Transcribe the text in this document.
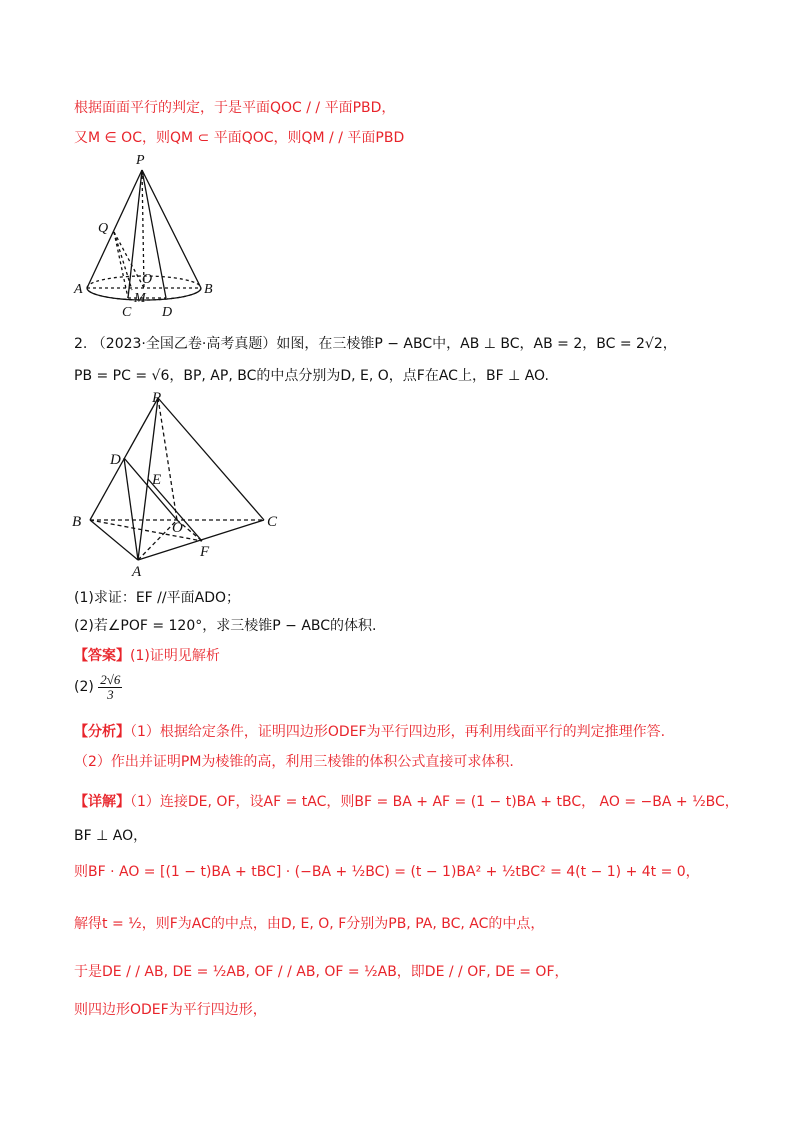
根据面面平行的判定，于是平面QOC / / 平面PBD，
又M ∈ OC，则QM ⊂ 平面QOC，则QM / / 平面PBD
P
Q
O
A	B
M
C D
2. （2023·全国乙卷·高考真题）如图，在三棱锥P − ABC中，AB ⊥ BC，AB = 2，BC = 2√2，
PB = PC = √6，BP, AP, BC的中点分别为D, E, O，点F在AC上，BF ⊥ AO.
P
D
E
B	O	C
F
A
(1)求证：EF //平面ADO；
(2)若∠POF = 120°，求三棱锥P − ABC的体积.
【答案】(1)证明见解析
$(2) \frac{2√6}{3}$
【分析】（1）根据给定条件，证明四边形ODEF为平行四边形，再利用线面平行的判定推理作答.
（2）作出并证明PM为棱锥的高，利用三棱锥的体积公式直接可求体积.
【详解】（1）连接DE, OF，设AF = tAC，则BF = BA + AF = (1 − t)BA + tBC， AO = −BA + ½BC，
BF ⊥ AO，
则BF · AO = [(1 − t)BA + tBC] · (−BA + ½BC) = (t − 1)BA² + ½tBC² = 4(t − 1) + 4t = 0，
解得t = ½，则F为AC的中点，由D, E, O, F分别为PB, PA, BC, AC的中点，
于是DE / / AB, DE = ½AB, OF / / AB, OF = ½AB，即DE / / OF, DE = OF，
则四边形ODEF为平行四边形，
